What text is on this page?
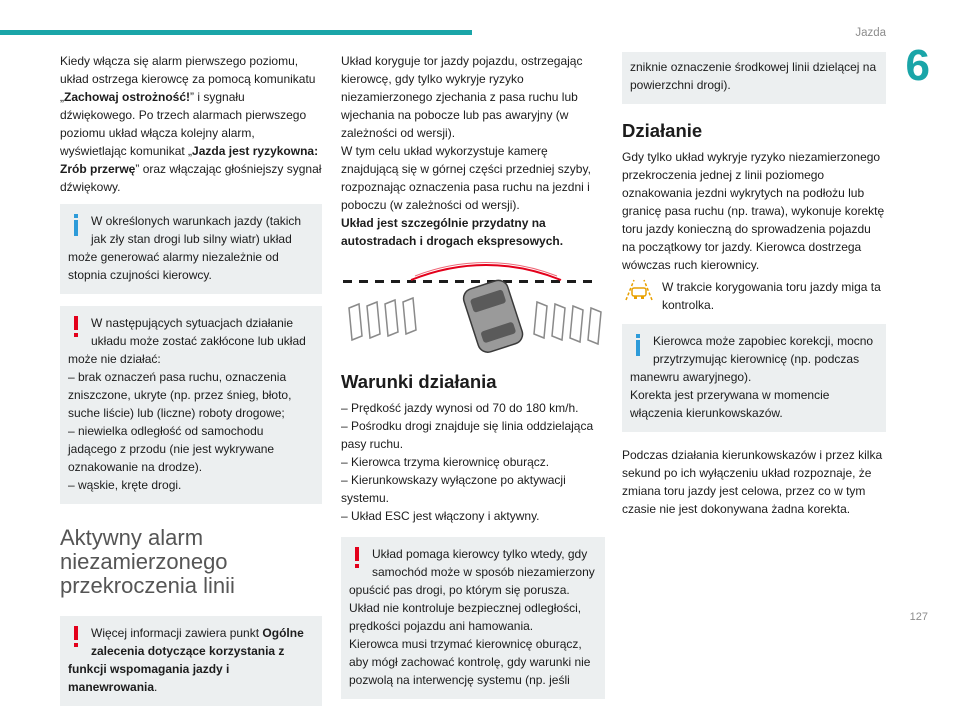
Jazda
6

Kiedy włącza się alarm pierwszego poziomu, układ ostrzega kierowcę za pomocą komunikatu „Zachowaj ostrożność!” i sygnału dźwiękowego. Po trzech alarmach pierwszego poziomu układ włącza kolejny alarm, wyświetlając komunikat „Jazda jest ryzykowna: Zrób przerwę” oraz włączając głośniejszy sygnał dźwiękowy.

W określonych warunkach jazdy (takich jak zły stan drogi lub silny wiatr) układ może generować alarmy niezależnie od stopnia czujności kierowcy.

W następujących sytuacjach działanie układu może zostać zakłócone lub układ może nie działać:

– brak oznaczeń pasa ruchu, oznaczenia zniszczone, ukryte (np. przez śnieg, błoto, suche liście) lub (liczne) roboty drogowe;

– niewielka odległość od samochodu jadącego z przodu (nie jest wykrywane oznakowanie na drodze).

– wąskie, kręte drogi.

Aktywny alarm
niezamierzonego
przekroczenia linii
Więcej informacji zawiera punkt Ogólne zalecenia dotyczące korzystania z funkcji wspomagania jazdy i manewrowania.

Układ koryguje tor jazdy pojazdu, ostrzegając kierowcę, gdy tylko wykryje ryzyko niezamierzonego zjechania z pasa ruchu lub wjechania na pobocze lub pas awaryjny (w zależności od wersji).

W tym celu układ wykorzystuje kamerę znajdującą się w górnej części przedniej szyby, rozpoznając oznaczenia pasa ruchu na jezdni i poboczu (w zależności od wersji).

Układ jest szczególnie przydatny na autostradach i drogach ekspresowych.

Warunki działania

– Prędkość jazdy wynosi od 70 do 180 km/h.

– Pośrodku drogi znajduje się linia oddzielająca pasy ruchu.

– Kierowca trzyma kierownicę oburącz.

– Kierunkowskazy wyłączone po aktywacji systemu.

– Układ ESC jest włączony i aktywny.

Układ pomaga kierowcy tylko wtedy, gdy samochód może w sposób niezamierzony opuścić pas drogi, po którym się porusza. Układ nie kontroluje bezpiecznej odległości, prędkości pojazdu ani hamowania.

Kierowca musi trzymać kierownicę oburącz, aby mógł zachować kontrolę, gdy warunki nie pozwolą na interwencję systemu (np. jeśli

zniknie oznaczenie środkowej linii dzielącej na powierzchni drogi).

Działanie

Gdy tylko układ wykryje ryzyko niezamierzonego przekroczenia jednej z linii poziomego oznakowania jezdni wykrytych na podłożu lub granicę pasa ruchu (np. trawa), wykonuje korektę toru jazdy konieczną do sprowadzenia pojazdu na początkowy tor jazdy. Kierowca dostrzega wówczas ruch kierownicy.

W trakcie korygowania toru jazdy miga ta kontrolka.

Kierowca może zapobiec korekcji, mocno przytrzymując kierownicę (np. podczas manewru awaryjnego).

Korekta jest przerywana w momencie włączenia kierunkowskazów.

Podczas działania kierunkowskazów i przez kilka sekund po ich wyłączeniu układ rozpoznaje, że zmiana toru jazdy jest celowa, przez co w tym czasie nie jest dokonywana żadna korekta.

127
